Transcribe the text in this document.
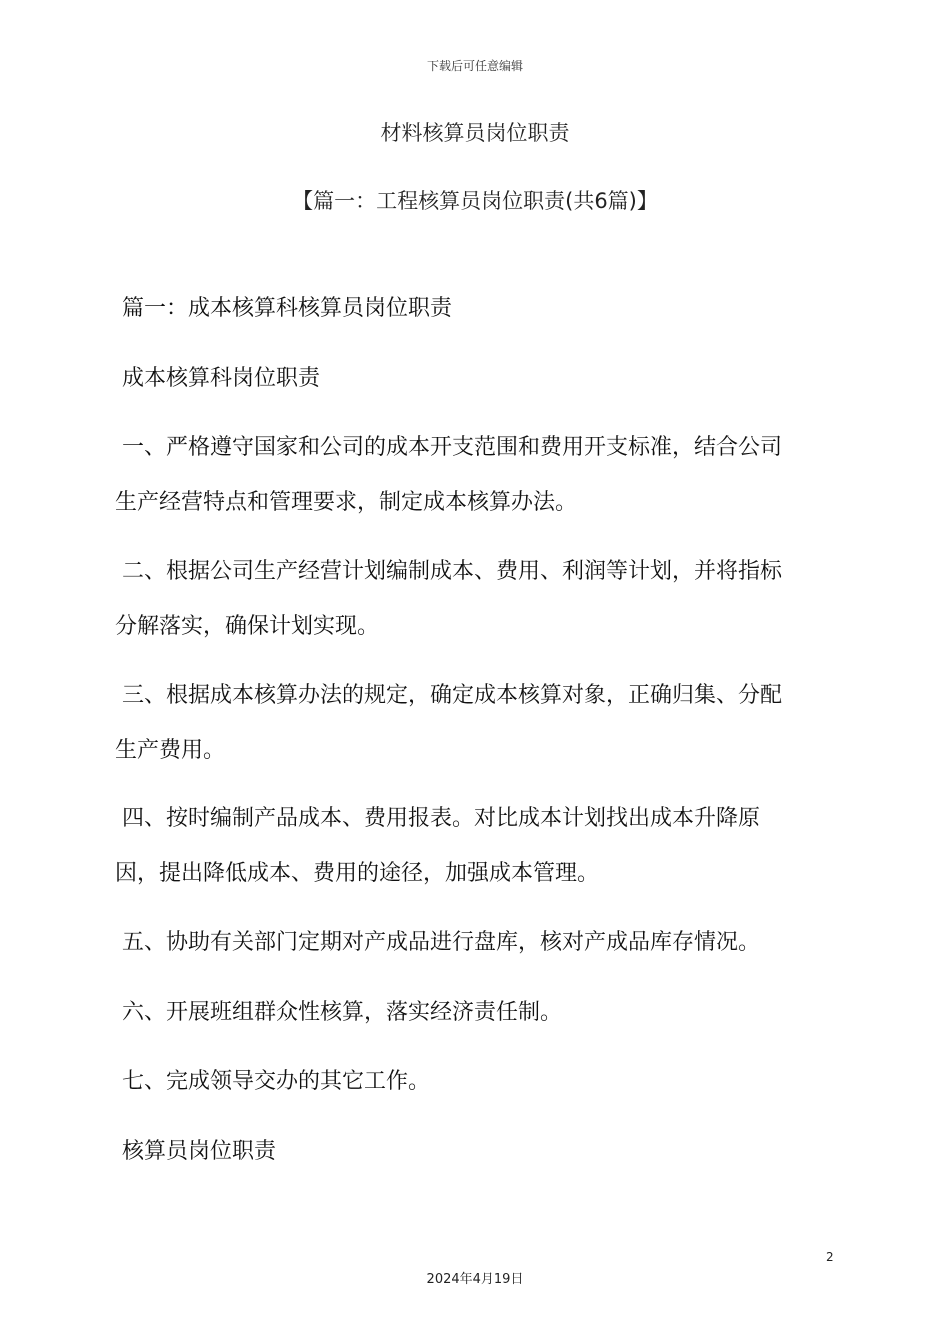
下载后可任意编辑
材料核算员岗位职责
【篇一：工程核算员岗位职责(共6篇)】
篇一：成本核算科核算员岗位职责
成本核算科岗位职责
一、严格遵守国家和公司的成本开支范围和费用开支标准，结合公司
生产经营特点和管理要求，制定成本核算办法。
二、根据公司生产经营计划编制成本、费用、利润等计划，并将指标
分解落实，确保计划实现。
三、根据成本核算办法的规定，确定成本核算对象，正确归集、分配
生产费用。
四、按时编制产品成本、费用报表。对比成本计划找出成本升降原
因，提出降低成本、费用的途径，加强成本管理。
五、协助有关部门定期对产成品进行盘库，核对产成品库存情况。
六、开展班组群众性核算，落实经济责任制。
七、完成领导交办的其它工作。
核算员岗位职责
2
2024年4月19日
